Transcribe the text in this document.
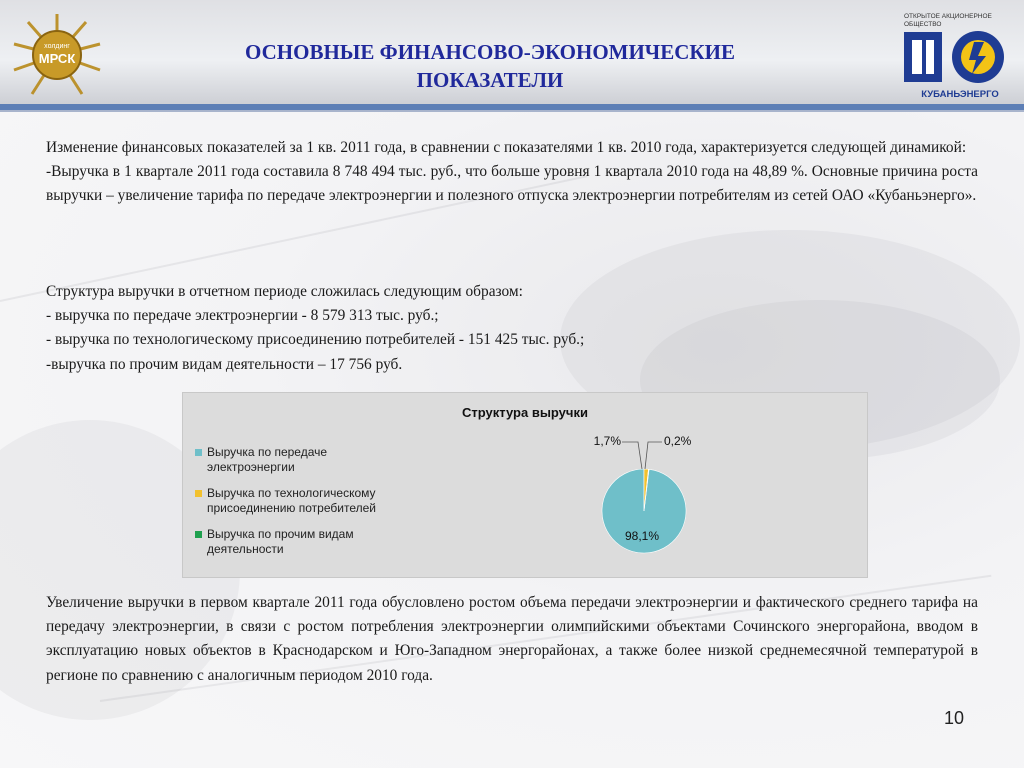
холдинг
МРСК	ОСНОВНЫЕ ФИНАНСОВО-ЭКОНОМИЧЕСКИЕ
ПОКАЗАТЕЛИ
ОТКРЫТОЕ АКЦИОНЕРНОЕ
ОБЩЕСТВО
КУБАНЬЭНЕРГО

Изменение финансовых показателей за 1 кв. 2011 года, в сравнении с показателями 1 кв. 2010 года, характеризуется следующей динамикой:

-Выручка в 1 квартале 2011 года составила 8 748 494 тыс. руб., что больше уровня 1 квартала 2010 года на 48,89 %. Основные причина роста выручки – увеличение тарифа по передаче электроэнергии и полезного отпуска электроэнергии потребителям из сетей ОАО «Кубаньэнерго».

Структура выручки в отчетном периоде сложилась следующим образом:

- выручка по передаче электроэнергии - 8 579 313 тыс. руб.;

- выручка по технологическому присоединению потребителей - 151 425 тыс. руб.;

-выручка по прочим видам деятельности – 17 756 руб.

Структура выручки
Выручка по передаче
электроэнергии
Выручка по технологическому
присоединению потребителей
Выручка по прочим видам
деятельности
98,1%
1,7%	0,2%

Увеличение выручки в первом квартале 2011 года обусловлено ростом объема передачи электроэнергии и фактического среднего тарифа на передачу электроэнергии, в связи с ростом потребления электроэнергии олимпийскими объектами Сочинского энергорайона, вводом в эксплуатацию новых объектов в Краснодарском и Юго-Западном энергорайонах, а также более низкой среднемесячной температурой в регионе по сравнению с аналогичным периодом 2010 года.

10
